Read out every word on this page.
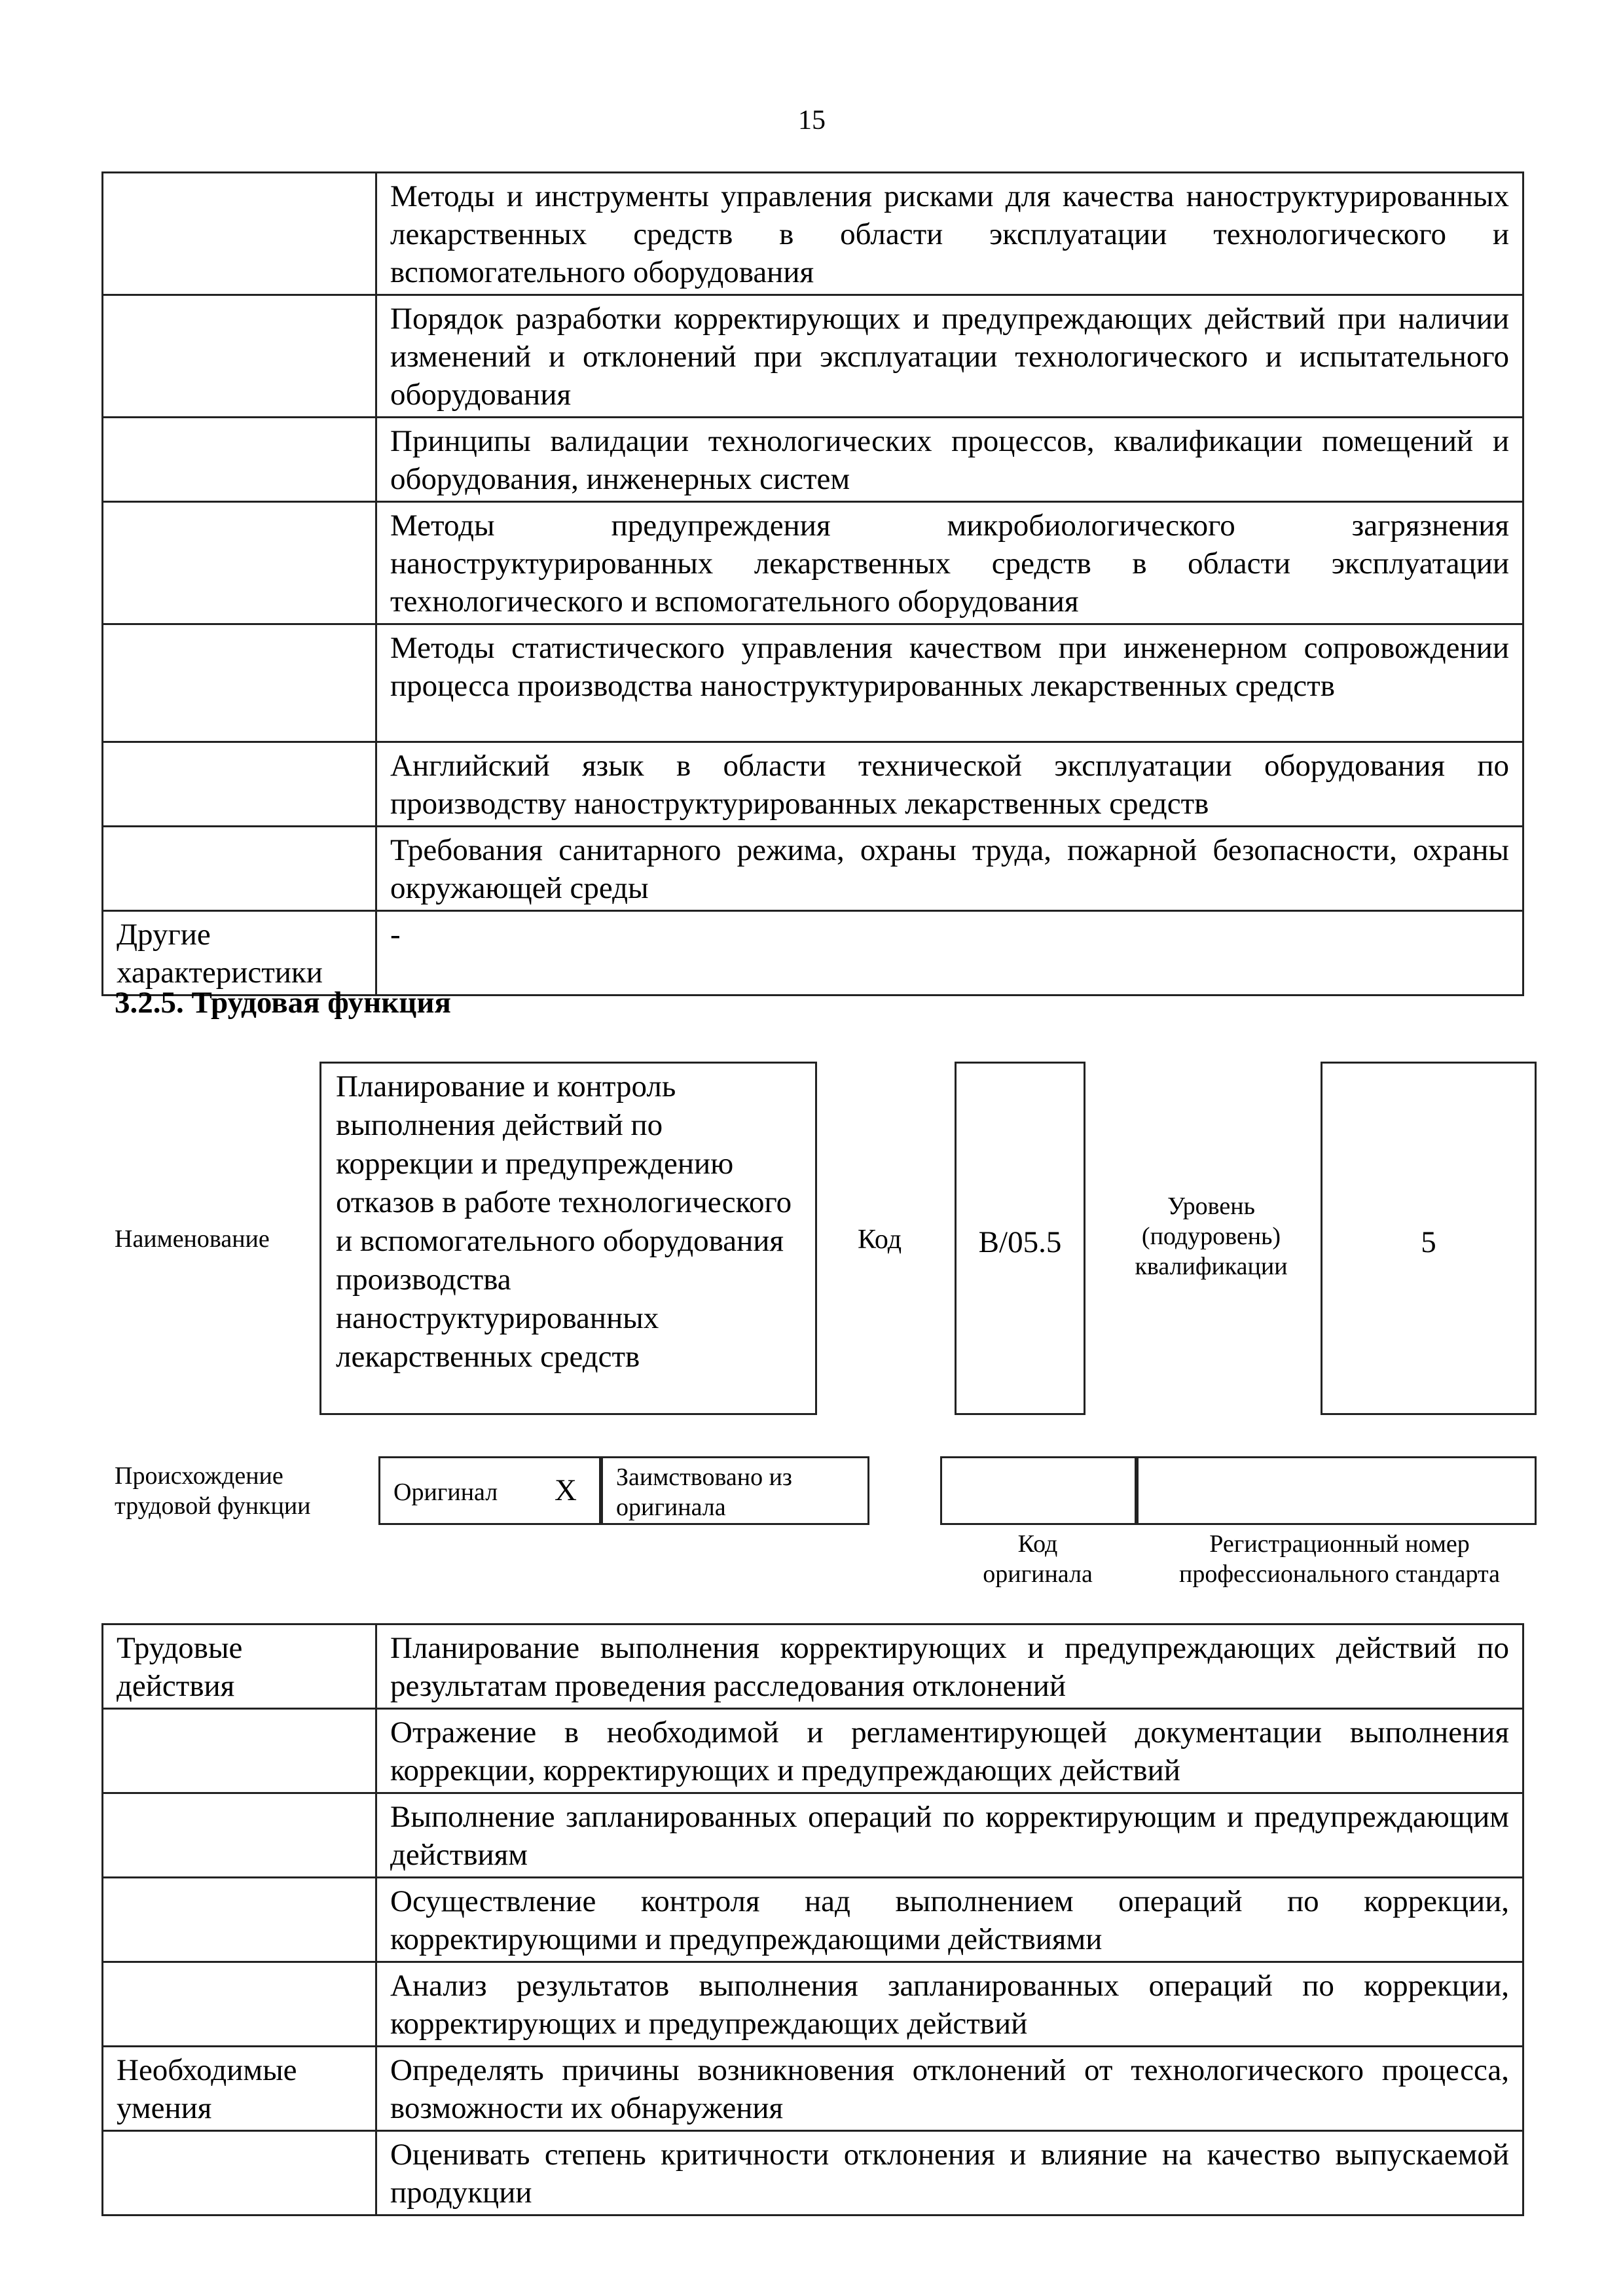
15
	Методы и инструменты управления рисками для качества наноструктурированных лекарственных средств в области эксплуатации технологического и вспомогательного оборудования
	Порядок разработки корректирующих и предупреждающих действий при наличии изменений и отклонений при эксплуатации технологического и испытательного оборудования
	Принципы валидации технологических процессов, квалификации помещений и оборудования, инженерных систем
	Методы предупреждения микробиологического загрязнения наноструктурированных лекарственных средств в области эксплуатации технологического и вспомогательного оборудования
	Методы статистического управления качеством при инженерном сопровождении процесса производства наноструктурированных лекарственных средств
	Английский язык в области технической эксплуатации оборудования по производству наноструктурированных лекарственных средств
	Требования санитарного режима, охраны труда, пожарной безопасности, охраны окружающей среды
Другие характеристики	-
3.2.5. Трудовая функция
Наименование
Планирование и контроль выполнения действий по коррекции и предупреждению отказов в работе технологического и вспомогательного оборудования производства наноструктурированных лекарственных средств
Код	B/05.5
Уровень (подуровень) квалификации
5
Происхождение трудовой функции	Оригинал X Заимствовано из оригинала
Код оригинала
Регистрационный номер профессионального стандарта
Трудовые действия	Планирование выполнения корректирующих и предупреждающих действий по результатам проведения расследования отклонений
	Отражение в необходимой и регламентирующей документации выполнения коррекции, корректирующих и предупреждающих действий
	Выполнение запланированных операций по корректирующим и предупреждающим действиям
	Осуществление контроля над выполнением операций по коррекции, корректирующими и предупреждающими действиями
	Анализ результатов выполнения запланированных операций по коррекции, корректирующих и предупреждающих действий
Необходимые умения	Определять причины возникновения отклонений от технологического процесса, возможности их обнаружения
	Оценивать степень критичности отклонения и влияние на качество выпускаемой продукции
